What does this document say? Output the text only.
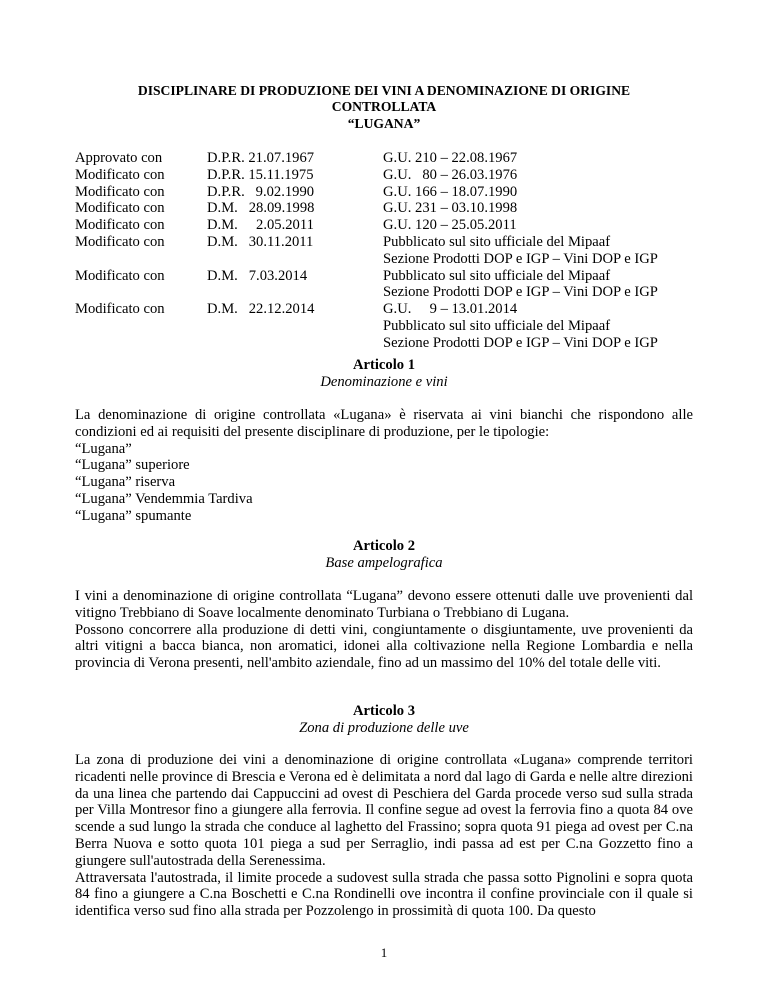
DISCIPLINARE DI PRODUZIONE DEI VINI A DENOMINAZIONE DI ORIGINE
CONTROLLATA
“LUGANA”
Approvato con	D.P.R. 21.07.1967	G.U. 210 – 22.08.1967
Modificato con	D.P.R. 15.11.1975	G.U.   80 – 26.03.1976
Modificato con	D.P.R.   9.02.1990	G.U. 166 – 18.07.1990
Modificato con	D.M.   28.09.1998	G.U. 231 – 03.10.1998
Modificato con	D.M.     2.05.2011	G.U. 120 – 25.05.2011
Modificato con	D.M.   30.11.2011	Pubblicato sul sito ufficiale del Mipaaf
Sezione Prodotti DOP e IGP – Vini DOP e IGP
Modificato con	D.M.   7.03.2014	Pubblicato sul sito ufficiale del Mipaaf
Sezione Prodotti DOP e IGP – Vini DOP e IGP
Modificato con	D.M.   22.12.2014	G.U.     9 – 13.01.2014
Pubblicato sul sito ufficiale del Mipaaf
Sezione Prodotti DOP e IGP – Vini DOP e IGP
Articolo 1
Denominazione e vini
La denominazione di origine controllata «Lugana» è riservata ai vini bianchi che rispondono alle condizioni ed ai requisiti del presente disciplinare di produzione, per le tipologie:
“Lugana”
“Lugana” superiore
“Lugana” riserva
“Lugana” Vendemmia Tardiva
“Lugana” spumante
Articolo 2
Base ampelografica
I vini a denominazione di origine controllata “Lugana” devono essere ottenuti dalle uve provenienti dal vitigno Trebbiano di Soave localmente denominato Turbiana o Trebbiano di Lugana.
Possono concorrere alla produzione di detti vini, congiuntamente o disgiuntamente, uve provenienti da altri vitigni a bacca bianca, non aromatici, idonei alla coltivazione nella Regione Lombardia e nella provincia di Verona presenti, nell'ambito aziendale, fino ad un massimo del 10% del totale delle viti.
Articolo 3
Zona di produzione delle uve
La zona di produzione dei vini a denominazione di origine controllata «Lugana» comprende territori ricadenti nelle province di Brescia e Verona ed è delimitata a nord dal lago di Garda e nelle altre direzioni da una linea che partendo dai Cappuccini ad ovest di Peschiera del Garda procede verso sud sulla strada per Villa Montresor fino a giungere alla ferrovia. Il confine segue ad ovest la ferrovia fino a quota 84 ove scende a sud lungo la strada che conduce al laghetto del Frassino; sopra quota 91 piega ad ovest per C.na Berra Nuova e sotto quota 101 piega a sud per Serraglio, indi passa ad est per C.na Gozzetto fino a giungere sull'autostrada della Serenessima.
Attraversata l'autostrada, il limite procede a sudovest sulla strada che passa sotto Pignolini e sopra quota 84 fino a giungere a C.na Boschetti e C.na Rondinelli ove incontra il confine provinciale con il quale si identifica verso sud fino alla strada per Pozzolengo in prossimità di quota 100. Da questo
1
